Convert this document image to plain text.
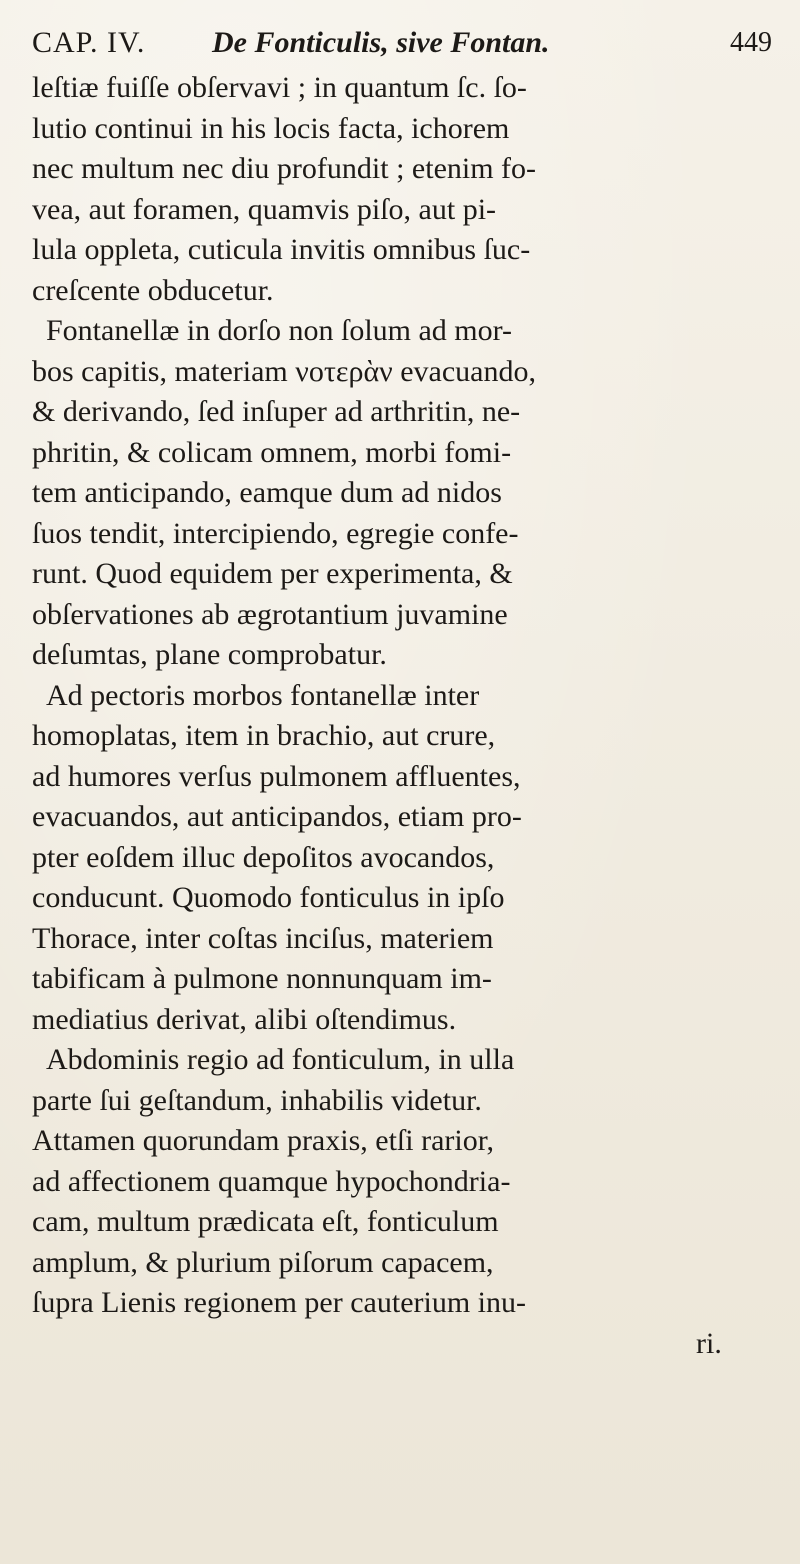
CAP. IV. De Fonticulis, sive Fontan.	449
leſtiæ fuiſſe obſervavi ; in quantum ſc. ſo-
lutio continui in his locis facta, ichorem
nec multum nec diu profundit ; etenim fo-
vea, aut foramen, quamvis piſo, aut pi-
lula oppleta, cuticula invitis omnibus ſuc-
creſcente obducetur.
Fontanellæ in dorſo non ſolum ad mor-
bos capitis, materiam νοτερὰν evacuando,
& derivando, ſed inſuper ad arthritin, ne-
phritin, & colicam omnem, morbi fomi-
tem anticipando, eamque dum ad nidos
ſuos tendit, intercipiendo, egregie confe-
runt. Quod equidem per experimenta, &
obſervationes ab ægrotantium juvamine
deſumtas, plane comprobatur.
Ad pectoris morbos fontanellæ inter
homoplatas, item in brachio, aut crure,
ad humores verſus pulmonem affluentes,
evacuandos, aut anticipandos, etiam pro-
pter eoſdem illuc depoſitos avocandos,
conducunt. Quomodo fonticulus in ipſo
Thorace, inter coſtas inciſus, materiem
tabificam à pulmone nonnunquam im-
mediatius derivat, alibi oſtendimus.
Abdominis regio ad fonticulum, in ulla
parte ſui geſtandum, inhabilis videtur.
Attamen quorundam praxis, etſi rarior,
ad affectionem quamque hypochondria-
cam, multum prædicata eſt, fonticulum
amplum, & plurium piſorum capacem,
ſupra Lienis regionem per cauterium inu-
ri.
